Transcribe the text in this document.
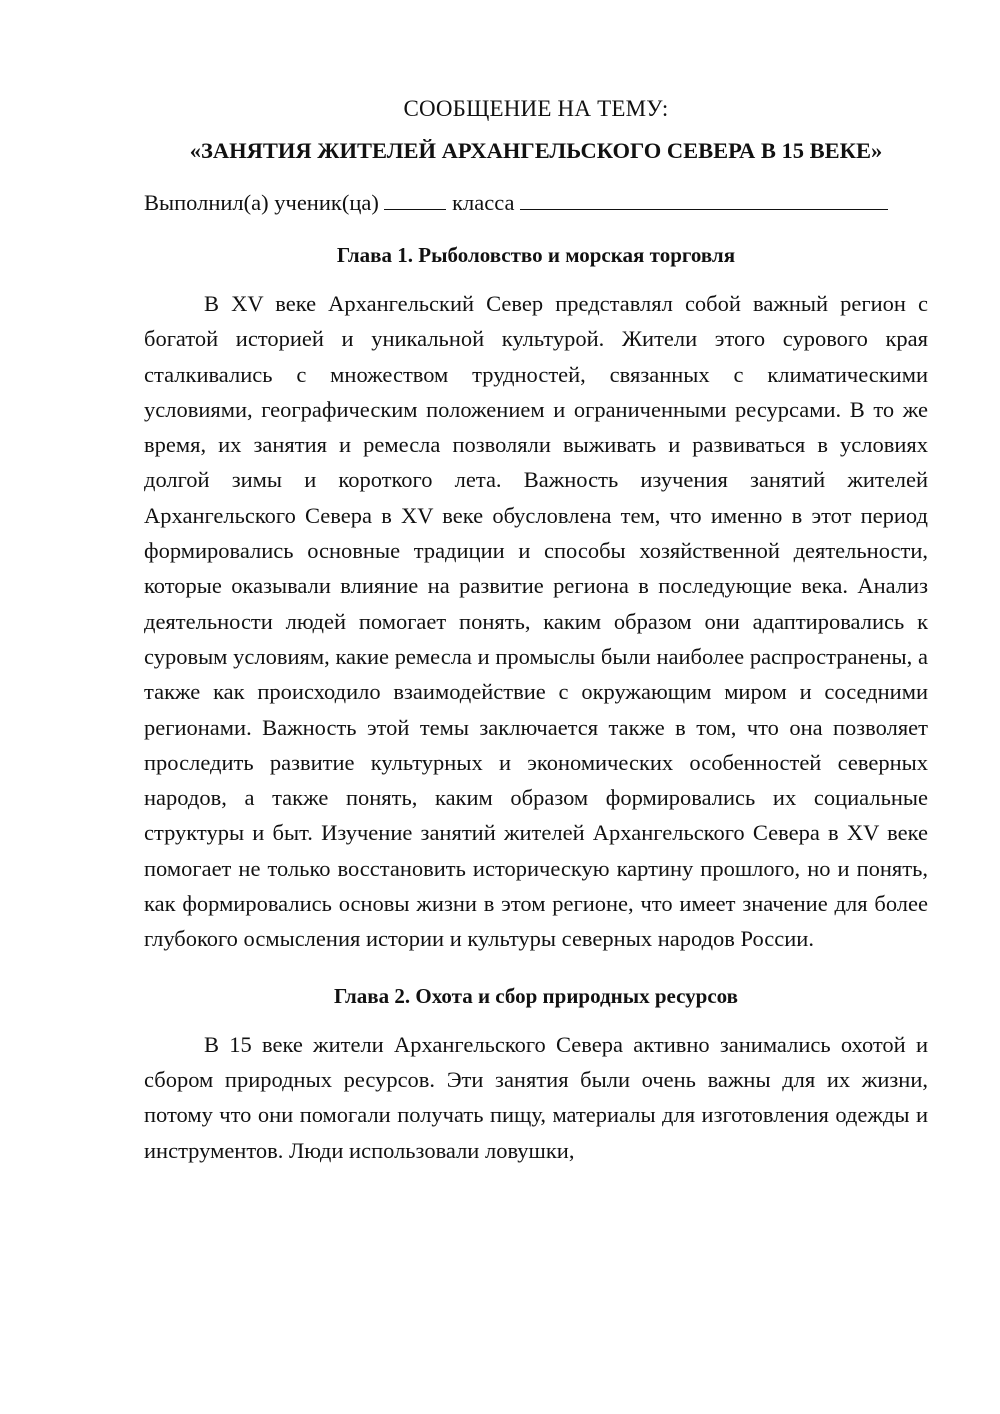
СООБЩЕНИЕ НА ТЕМУ:
«ЗАНЯТИЯ ЖИТЕЛЕЙ АРХАНГЕЛЬСКОГО СЕВЕРА В 15 ВЕКЕ»
Выполнил(а) ученик(ца)	класса
Глава 1. Рыболовство и морская торговля

В XV веке Архангельский Север представлял собой важный регион с богатой историей и уникальной культурой. Жители этого сурового края сталкивались с множеством трудностей, связанных с климатическими условиями, географическим положением и ограниченными ресурсами. В то же время, их занятия и ремесла позволяли выживать и развиваться в условиях долгой зимы и короткого лета. Важность изучения занятий жителей Архангельского Севера в XV веке обусловлена тем, что именно в этот период формировались основные традиции и способы хозяйственной деятельности, которые оказывали влияние на развитие региона в последующие века. Анализ деятельности людей помогает понять, каким образом они адаптировались к суровым условиям, какие ремесла и промыслы были наиболее распространены, а также как происходило взаимодействие с окружающим миром и соседними регионами. Важность этой темы заключается также в том, что она позволяет проследить развитие культурных и экономических особенностей северных народов, а также понять, каким образом формировались их социальные структуры и быт. Изучение занятий жителей Архангельского Севера в XV веке помогает не только восстановить историческую картину прошлого, но и понять, как формировались основы жизни в этом регионе, что имеет значение для более глубокого осмысления истории и культуры северных народов России.

Глава 2. Охота и сбор природных ресурсов

В 15 веке жители Архангельского Севера активно занимались охотой и сбором природных ресурсов. Эти занятия были очень важны для их жизни, потому что они помогали получать пищу, материалы для изготовления одежды и инструментов. Люди использовали ловушки,
